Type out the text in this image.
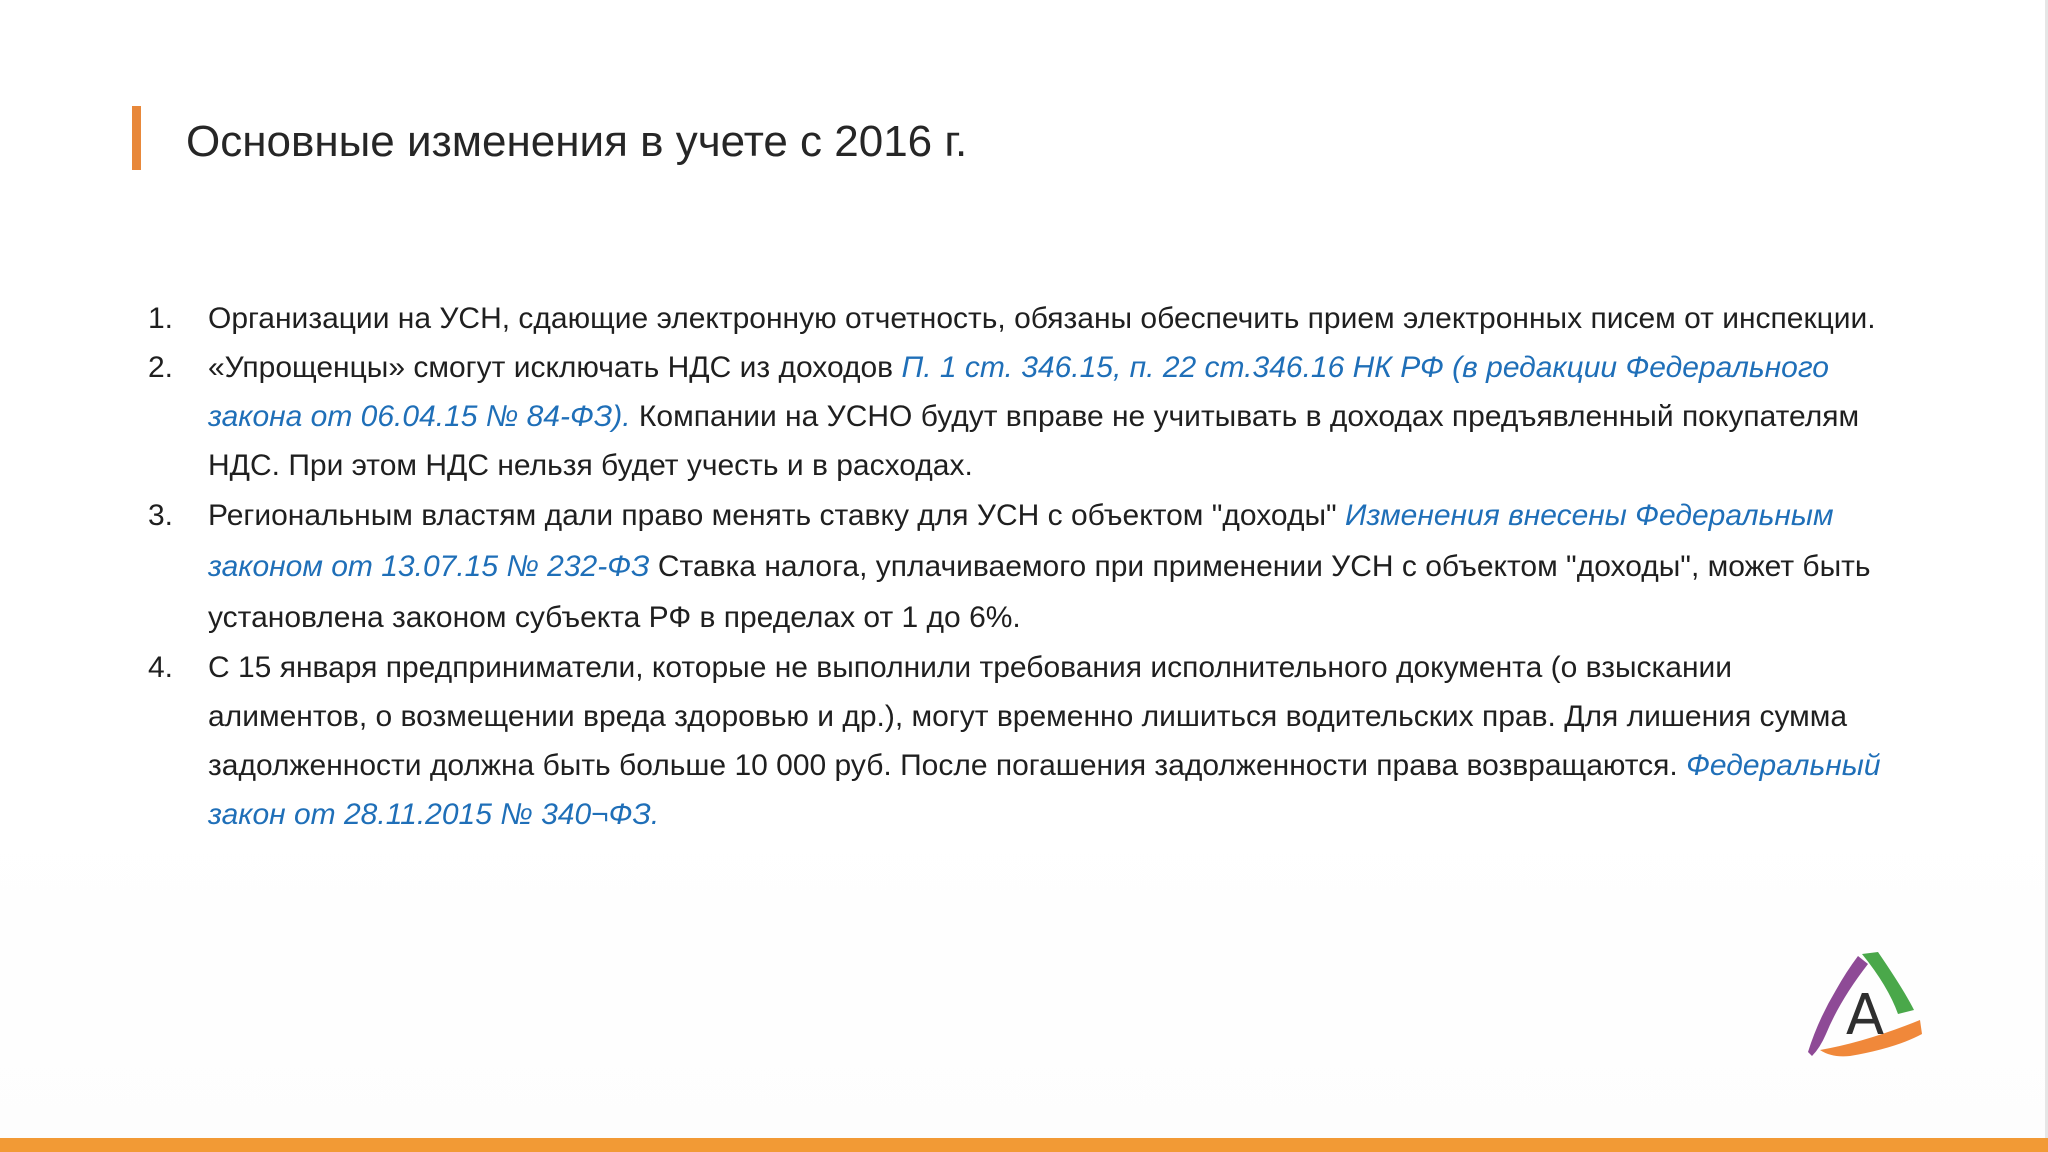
Основные изменения в учете с 2016 г.
1. Организации на УСН, сдающие электронную отчетность, обязаны обеспечить прием электронных писем от инспекции.
2. «Упрощенцы» смогут исключать НДС из доходов П. 1 ст. 346.15, п. 22 ст.346.16 НК РФ (в редакции Федерального закона от 06.04.15 № 84-ФЗ). Компании на УСНО будут вправе не учитывать в доходах предъявленный покупателям НДС. При этом НДС нельзя будет учесть и в расходах.
3. Региональным властям дали право менять ставку для УСН с объектом "доходы" Изменения внесены Федеральным законом от 13.07.15 № 232-ФЗ Ставка налога, уплачиваемого при применении УСН с объектом "доходы", может быть установлена законом субъекта РФ в пределах от 1 до 6%.
4. С 15 января предприниматели, которые не выполнили требования исполнительного документа (о взыскании алиментов, о возмещении вреда здоровью и др.), могут временно лишиться водительских прав. Для лишения сумма задолженности должна быть больше 10 000 руб. После погашения задолженности права возвращаются. Федеральный закон от 28.11.2015 № 340¬ФЗ.
A
